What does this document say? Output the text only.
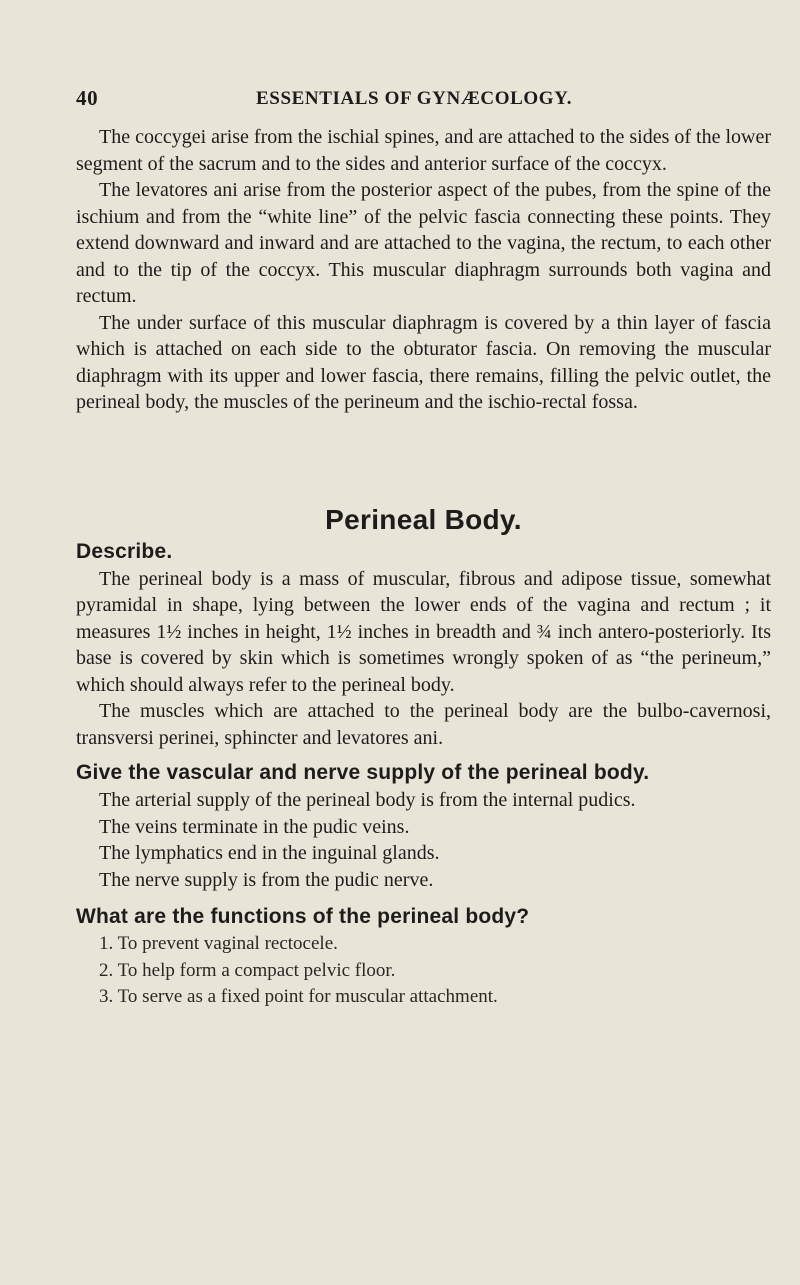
40	ESSENTIALS OF GYNÆCOLOGY.

The coccygei arise from the ischial spines, and are attached to the sides of the lower segment of the sacrum and to the sides and anterior surface of the coccyx.

The levatores ani arise from the posterior aspect of the pubes, from the spine of the ischium and from the “white line” of the pelvic fascia connecting these points. They extend downward and inward and are attached to the vagina, the rectum, to each other and to the tip of the coccyx. This muscular diaphragm surrounds both vagina and rectum.

The under surface of this muscular diaphragm is covered by a thin layer of fascia which is attached on each side to the obturator fascia. On removing the muscular diaphragm with its upper and lower fascia, there remains, filling the pelvic outlet, the perineal body, the muscles of the perineum and the ischio-rectal fossa.

Perineal Body.
Describe.

The perineal body is a mass of muscular, fibrous and adipose tissue, somewhat pyramidal in shape, lying between the lower ends of the vagina and rectum ; it measures 1½ inches in height, 1½ inches in breadth and ¾ inch antero-posteriorly. Its base is covered by skin which is sometimes wrongly spoken of as “the perineum,” which should always refer to the perineal body.

The muscles which are attached to the perineal body are the bulbo-cavernosi, transversi perinei, sphincter and levatores ani.

Give the vascular and nerve supply of the perineal body.

The arterial supply of the perineal body is from the internal pudics.

The veins terminate in the pudic veins.

The lymphatics end in the inguinal glands.

The nerve supply is from the pudic nerve.

What are the functions of the perineal body?
1. To prevent vaginal rectocele.
2. To help form a compact pelvic floor.
3. To serve as a fixed point for muscular attachment.
